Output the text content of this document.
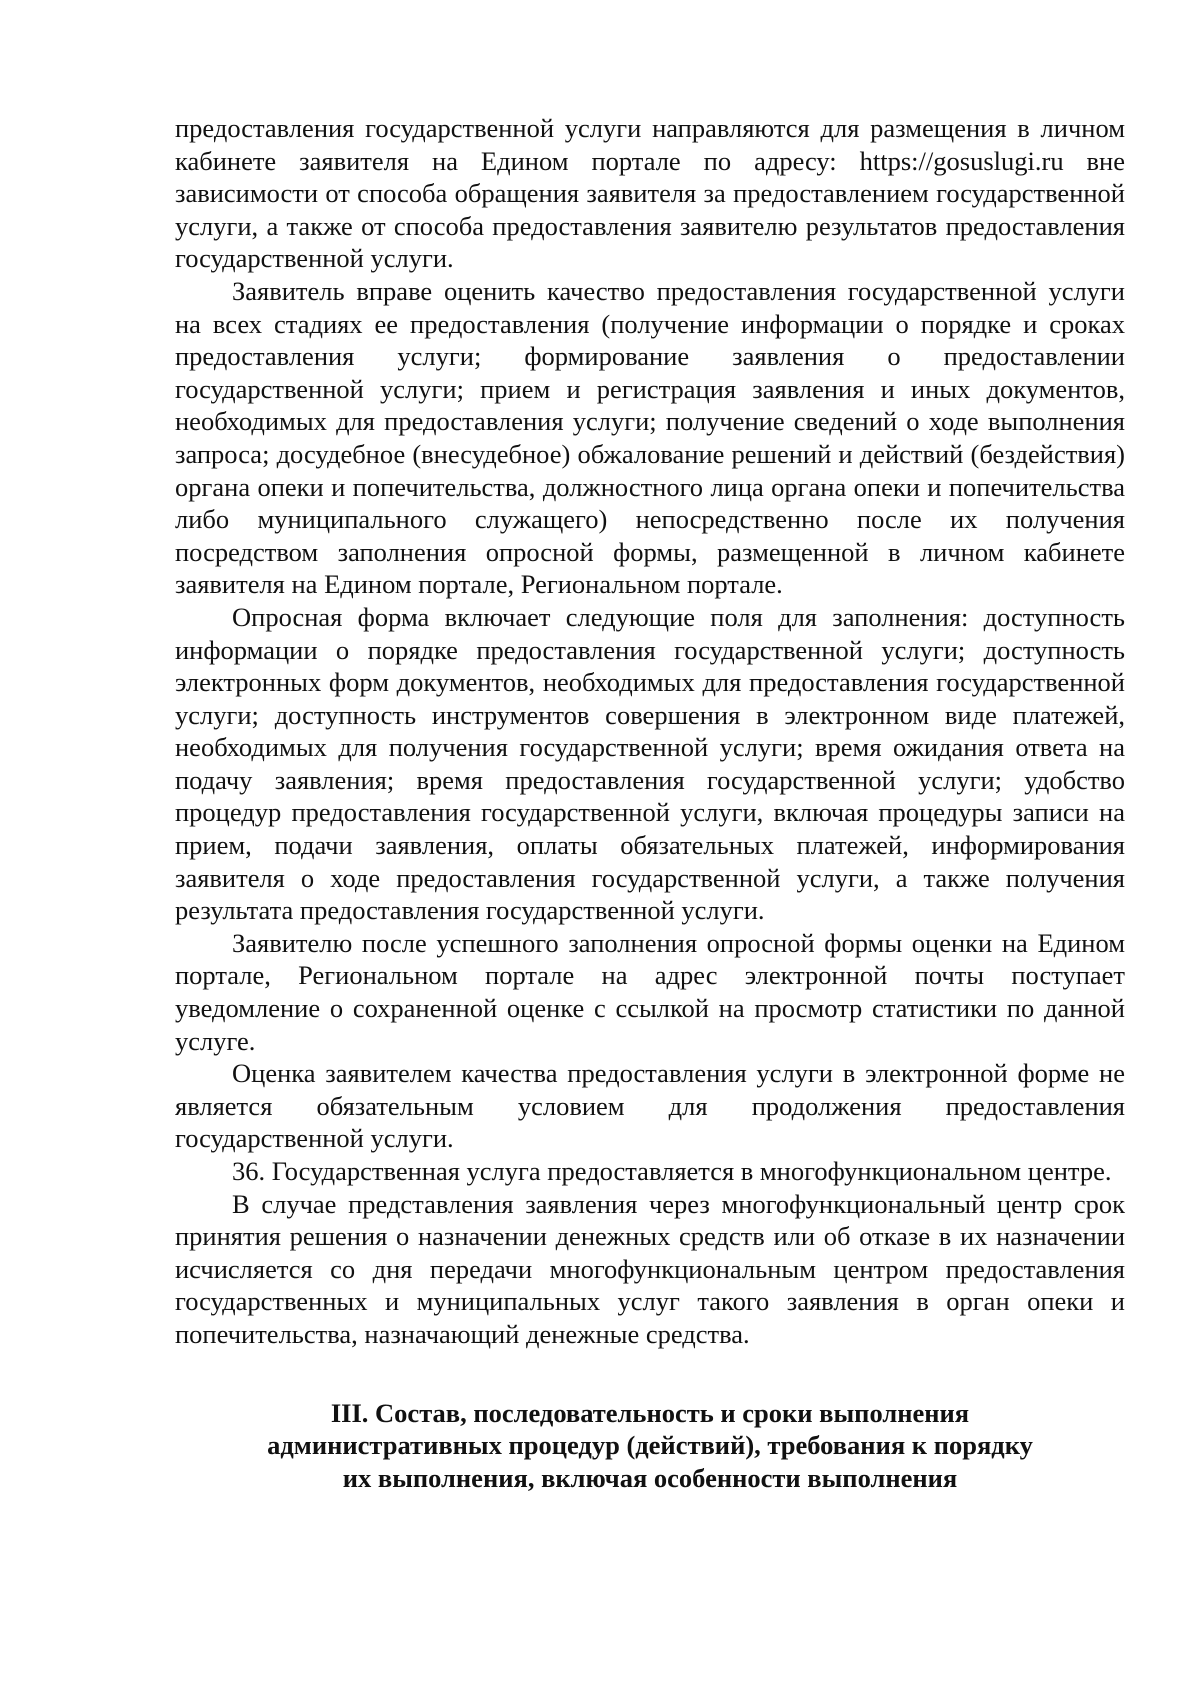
предоставления государственной услуги направляются для размещения в личном кабинете заявителя на Едином портале по адресу: https://gosuslugi.ru вне зависимости от способа обращения заявителя за предоставлением государственной услуги, а также от способа предоставления заявителю результатов предоставления государственной услуги.

Заявитель вправе оценить качество предоставления государственной услуги на всех стадиях ее предоставления (получение информации о порядке и сроках предоставления услуги; формирование заявления о предоставлении государственной услуги; прием и регистрация заявления и иных документов, необходимых для предоставления услуги; получение сведений о ходе выполнения запроса; досудебное (внесудебное) обжалование решений и действий (бездействия) органа опеки и попечительства, должностного лица органа опеки и попечительства либо муниципального служащего) непосредственно после их получения посредством заполнения опросной формы, размещенной в личном кабинете заявителя на Едином портале, Региональном портале.

Опросная форма включает следующие поля для заполнения: доступность информации о порядке предоставления государственной услуги; доступность электронных форм документов, необходимых для предоставления государственной услуги; доступность инструментов совершения в электронном виде платежей, необходимых для получения государственной услуги; время ожидания ответа на подачу заявления; время предоставления государственной услуги; удобство процедур предоставления государственной услуги, включая процедуры записи на прием, подачи заявления, оплаты обязательных платежей, информирования заявителя о ходе предоставления государственной услуги, а также получения результата предоставления государственной услуги.

Заявителю после успешного заполнения опросной формы оценки на Едином портале, Региональном портале на адрес электронной почты поступает уведомление о сохраненной оценке с ссылкой на просмотр статистики по данной услуге.

Оценка заявителем качества предоставления услуги в электронной форме не является обязательным условием для продолжения предоставления государственной услуги.

36. Государственная услуга предоставляется в многофункциональном центре.

В случае представления заявления через многофункциональный центр срок принятия решения о назначении денежных средств или об отказе в их назначении исчисляется со дня передачи многофункциональным центром предоставления государственных и муниципальных услуг такого заявления в орган опеки и попечительства, назначающий денежные средства.

III. Состав, последовательность и сроки выполнения
административных процедур (действий), требования к порядку
их выполнения, включая особенности выполнения
